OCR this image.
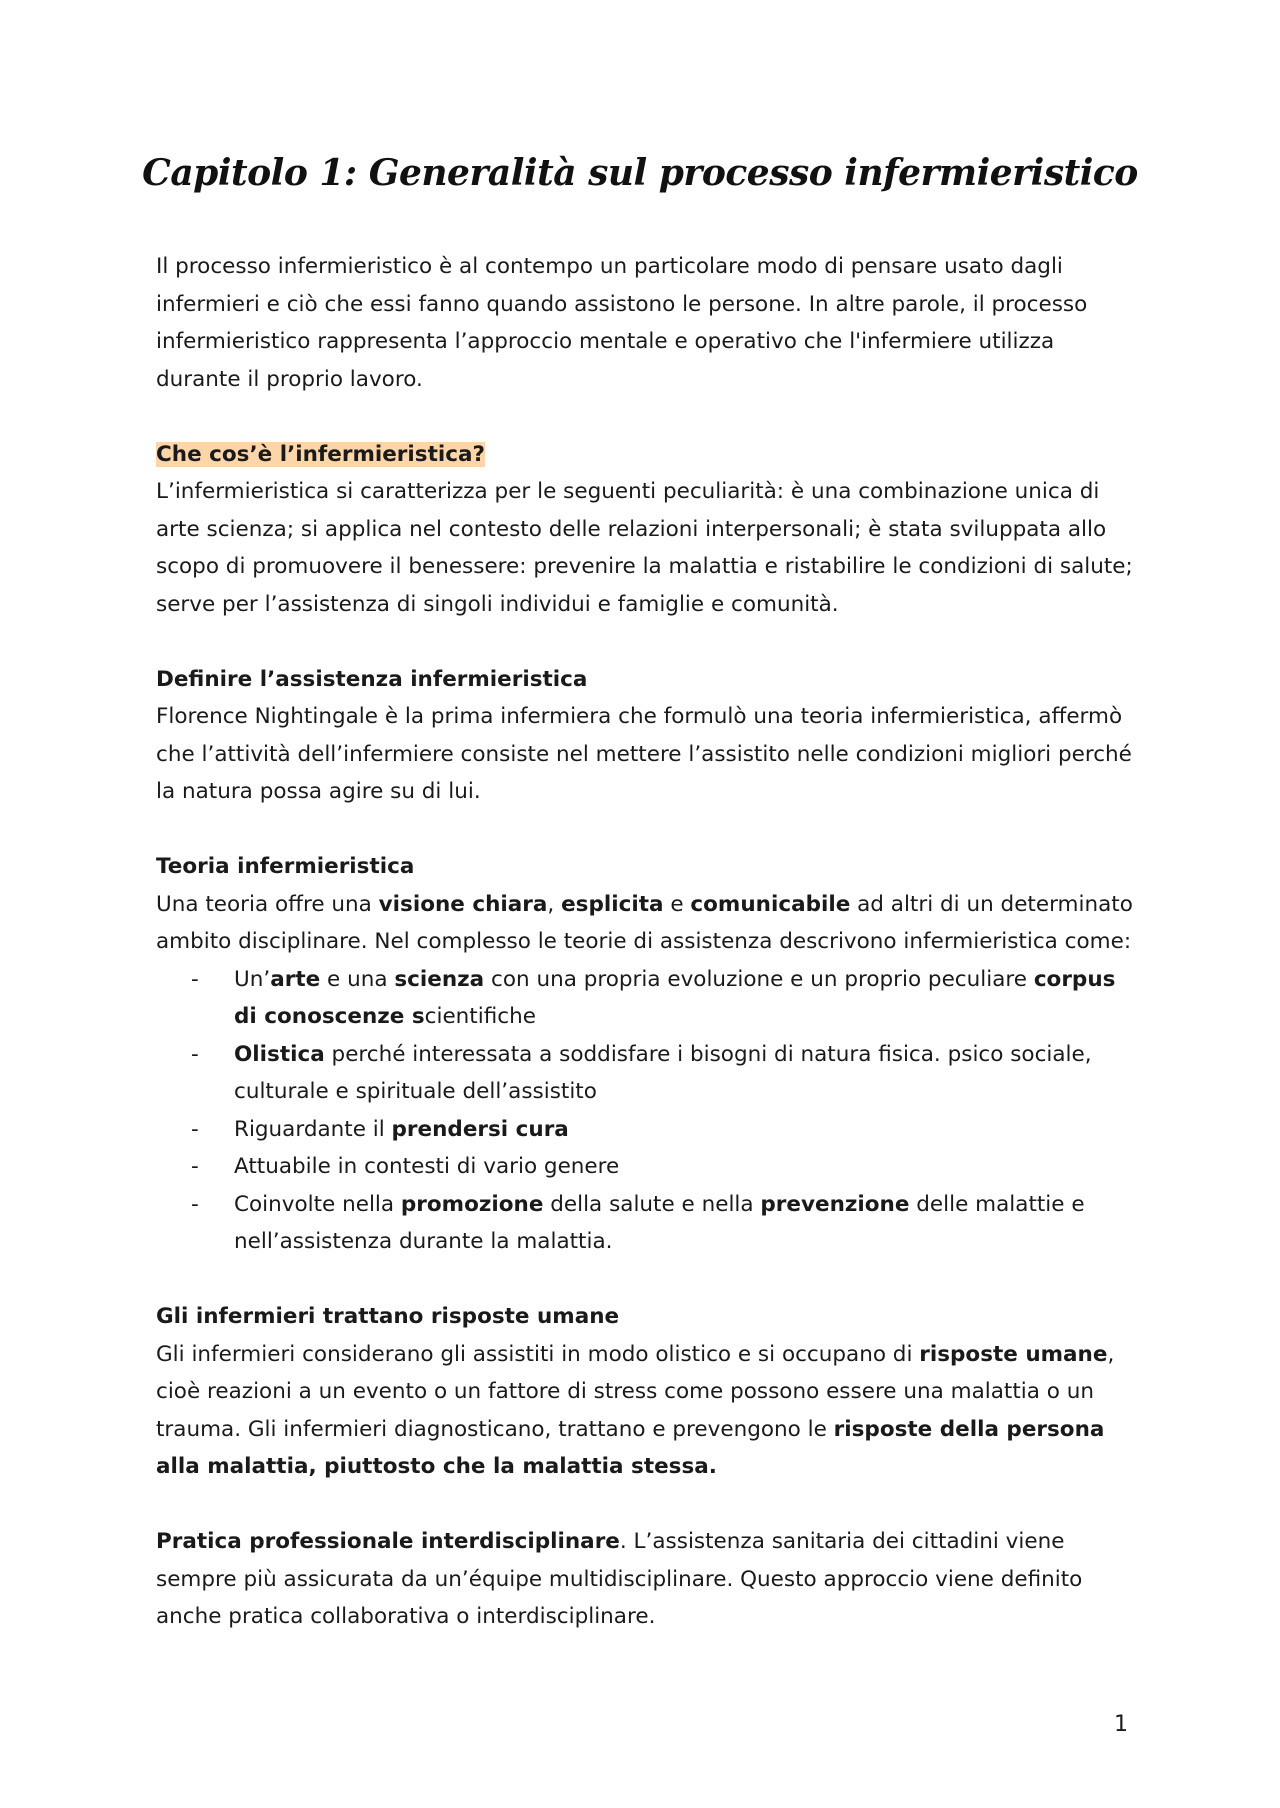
Capitolo 1: Generalità sul processo infermieristico

Il processo infermieristico è al contempo un particolare modo di pensare usato dagli infermieri e ciò che essi fanno quando assistono le persone. In altre parole, il processo infermieristico rappresenta l’approccio mentale e operativo che l'infermiere utilizza durante il proprio lavoro.

Che cos’è l’infermieristica?

L’infermieristica si caratterizza per le seguenti peculiarità: è una combinazione unica di arte scienza; si applica nel contesto delle relazioni interpersonali; è stata sviluppata allo scopo di promuovere il benessere: prevenire la malattia e ristabilire le condizioni di salute; serve per l’assistenza di singoli individui e famiglie e comunità.

Definire l’assistenza infermieristica

Florence Nightingale è la prima infermiera che formulò una teoria infermieristica, affermò che l’attività dell’infermiere consiste nel mettere l’assistito nelle condizioni migliori perché la natura possa agire su di lui.

Teoria infermieristica

Una teoria offre una visione chiara, esplicita e comunicabile ad altri di un determinato ambito disciplinare. Nel complesso le teorie di assistenza descrivono infermieristica come:

- Un’arte e una scienza con una propria evoluzione e un proprio peculiare corpus di conoscenze scientifiche
- Olistica perché interessata a soddisfare i bisogni di natura fisica. psico sociale, culturale e spirituale dell’assistito
- Riguardante il prendersi cura
- Attuabile in contesti di vario genere
- Coinvolte nella promozione della salute e nella prevenzione delle malattie e nell’assistenza durante la malattia.

Gli infermieri trattano risposte umane

Gli infermieri considerano gli assistiti in modo olistico e si occupano di risposte umane, cioè reazioni a un evento o un fattore di stress come possono essere una malattia o un trauma. Gli infermieri diagnosticano, trattano e prevengono le risposte della persona alla malattia, piuttosto che la malattia stessa.

Pratica professionale interdisciplinare. L’assistenza sanitaria dei cittadini viene sempre più assicurata da un’équipe multidisciplinare. Questo approccio viene definito anche pratica collaborativa o interdisciplinare.

1
